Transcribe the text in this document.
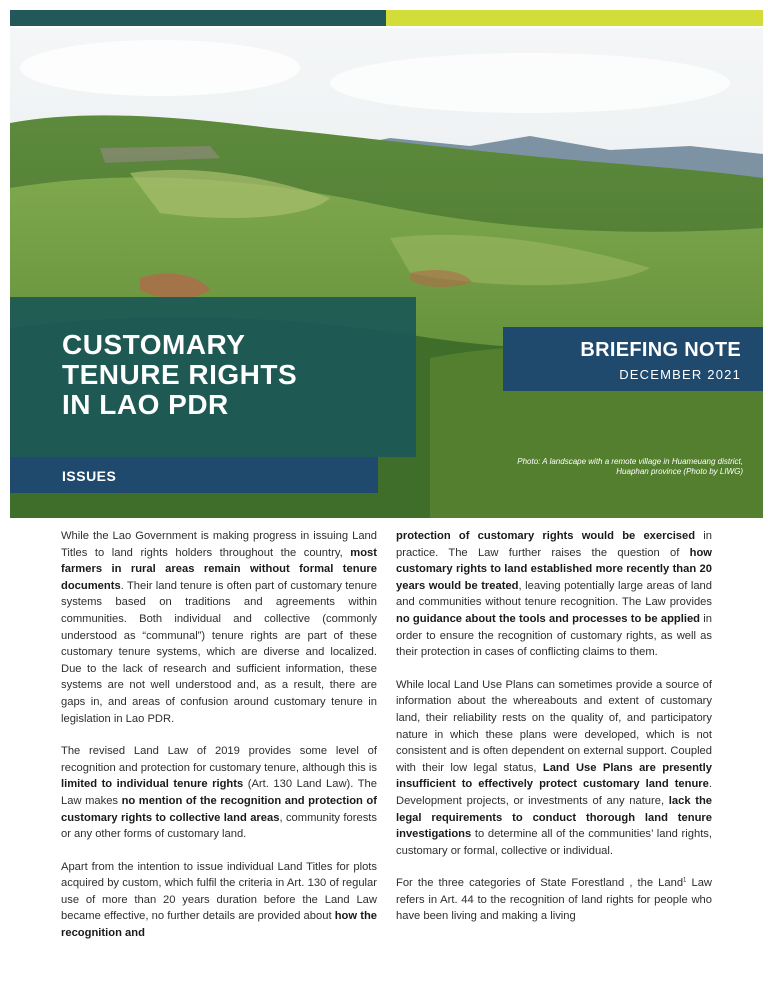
CUSTOMARY
TENURE RIGHTS
IN LAO PDR
BRIEFING NOTE
DECEMBER 2021
Photo: A landscape with a remote village in Huameuang district,
Huaphan province (Photo by LIWG)
ISSUES

While the Lao Government is making progress in issuing Land Titles to land rights holders throughout the country, most farmers in rural areas remain without formal tenure documents. Their land tenure is often part of customary tenure systems based on traditions and agreements within communities. Both individual and collective (commonly understood as “communal”) tenure rights are part of these customary tenure systems, which are diverse and localized. Due to the lack of research and sufficient information, these systems are not well understood and, as a result, there are gaps in, and areas of confusion around customary tenure in legislation in Lao PDR.

The revised Land Law of 2019 provides some level of recognition and protection for customary tenure, although this is limited to individual tenure rights (Art. 130 Land Law). The Law makes no mention of the recognition and protection of customary rights to collective land areas, community forests or any other forms of customary land.

Apart from the intention to issue individual Land Titles for plots acquired by custom, which fulfil the criteria in Art. 130 of regular use of more than 20 years duration before the Land Law became effective, no further details are provided about how the recognition and

protection of customary rights would be exercised in practice. The Law further raises the question of how customary rights to land established more recently than 20 years would be treated, leaving potentially large areas of land and communities without tenure recognition. The Law provides no guidance about the tools and processes to be applied in order to ensure the recognition of customary rights, as well as their protection in cases of conflicting claims to them.

While local Land Use Plans can sometimes provide a source of information about the whereabouts and extent of customary land, their reliability rests on the quality of, and participatory nature in which these plans were developed, which is not consistent and is often dependent on external support. Coupled with their low legal status, Land Use Plans are presently insufficient to effectively protect customary land tenure. Development projects, or investments of any nature, lack the legal requirements to conduct thorough land tenure investigations to determine all of the communities’ land rights, customary or formal, collective or individual.

For the three categories of State Forestland , the Land$^1$ Law refers in Art. 44 to the recognition of land rights for people who have been living and making a living
